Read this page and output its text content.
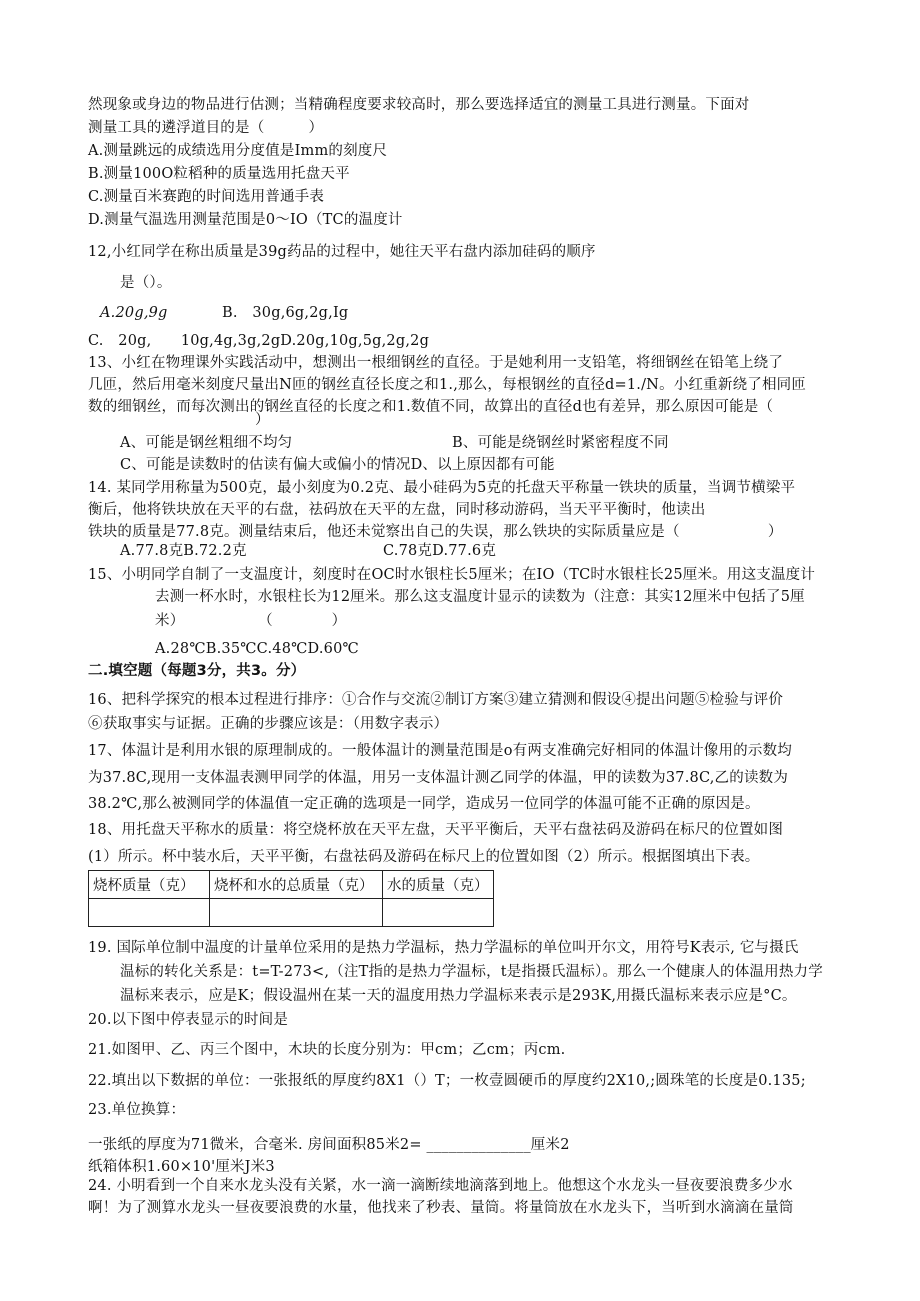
然现象或身边的物品进行估测；当精确程度要求较高时，那么要选择适宜的测量工具进行测量。下面对
测量工具的遴浮道目的是（　　　）
A.测量跳远的成绩选用分度值是Imm的刻度尺
B.测量100O粒稻种的质量选用托盘天平
C.测量百米赛跑的时间选用普通手表
D.测量气温选用测量范围是0～IO（TC的温度计
12,小红同学在称出质量是39g药品的过程中，她往天平右盘内添加硅码的顺序
是（）。
A.20g,9g	B.　30g,6g,2g,Ig
C.　20g,　　10g,4g,3g,2gD.20g,10g,5g,2g,2g
13、小红在物理课外实践活动中，想测出一根细钢丝的直径。于是她利用一支铅笔，将细钢丝在铅笔上绕了
几匝，然后用毫米刻度尺量出N匝的钢丝直径长度之和1.,那么，每根钢丝的直径d=1./N。小红重新绕了相同匝
数的细钢丝，而每次测出的钢丝直径的长度之和1.数值不同，故算出的直径d也有差异，那么原因可能是（
）
A、可能是钢丝粗细不均匀	B、可能是绕钢丝时紧密程度不同
C、可能是读数时的估读有偏大或偏小的情况D、以上原因都有可能
14. 某同学用称量为500克，最小刻度为0.2克、最小硅码为5克的托盘天平称量一铁块的质量，当调节横梁平
衡后，他将铁块放在天平的右盘，祛码放在天平的左盘，同时移动游码，当天平平衡时，他读出
铁块的质量是77.8克。测量结束后，他还未觉察出自己的失误，那么铁块的实际质量应是（　　　　　　）
A.77.8克B.72.2克	C.78克D.77.6克
15、小明同学自制了一支温度计，刻度时在OC时水银柱长5厘米；在IO（TC时水银柱长25厘米。用这支温度计
去测一杯水时，水银柱长为12厘米。那么这支温度计显示的读数为（注意：其实12厘米中包括了5厘
米）　　　　　　（　　　　）
A.28℃B.35℃C.48℃D.60℃
二.填空题（每题3分，共3。分）
16、把科学探究的根本过程进行排序：①合作与交流②制订方案③建立猜测和假设④提出问题⑤检验与评价
⑥获取事实与证据。正确的步骤应该是：（用数字表示）
17、体温计是利用水银的原理制成的。一般体温计的测量范围是o有两支准确完好相同的体温计像用的示数均
为37.8C,现用一支体温表测甲同学的体温，用另一支体温计测乙同学的体温，甲的读数为37.8C,乙的读数为
38.2℃,那么被测同学的体温值一定正确的选项是一同学，造成另一位同学的体温可能不正确的原因是。
18、用托盘天平称水的质量：将空烧杯放在天平左盘，天平平衡后，天平右盘祛码及游码在标尺的位置如图
(1）所示。杯中装水后，天平平衡，右盘祛码及游码在标尺上的位置如图（2）所示。根据图填出下表。
烧杯质量（克）	烧杯和水的总质量（克）	水的质量（克）

19. 国际单位制中温度的计量单位采用的是热力学温标，热力学温标的单位叫开尔文，用符号K表示, 它与摄氏
温标的转化关系是：t=T-273<,（注T指的是热力学温标，t是指摄氏温标）。那么一个健康人的体温用热力学
温标来表示，应是K；假设温州在某一天的温度用热力学温标来表示是293K,用摄氏温标来表示应是°C。
20.以下图中停表显示的时间是
21.如图甲、乙、丙三个图中，木块的长度分别为：甲cm；乙cm；丙cm.
22.填出以下数据的单位：一张报纸的厚度约8X1（）T；一枚壹圆硬币的厚度约2X10,;圆珠笔的长度是0.135;
23.单位换算：
一张纸的厚度为71微米，合毫米. 房间面积85米2= ______________厘米2
纸箱体积1.60×10'厘米J米3
24. 小明看到一个自来水龙头没有关紧，水一滴一滴断续地滴落到地上。他想这个水龙头一昼夜要浪费多少水
啊！为了测算水龙头一昼夜要浪费的水量，他找来了秒表、量筒。将量筒放在水龙头下，当听到水滴滴在量筒
